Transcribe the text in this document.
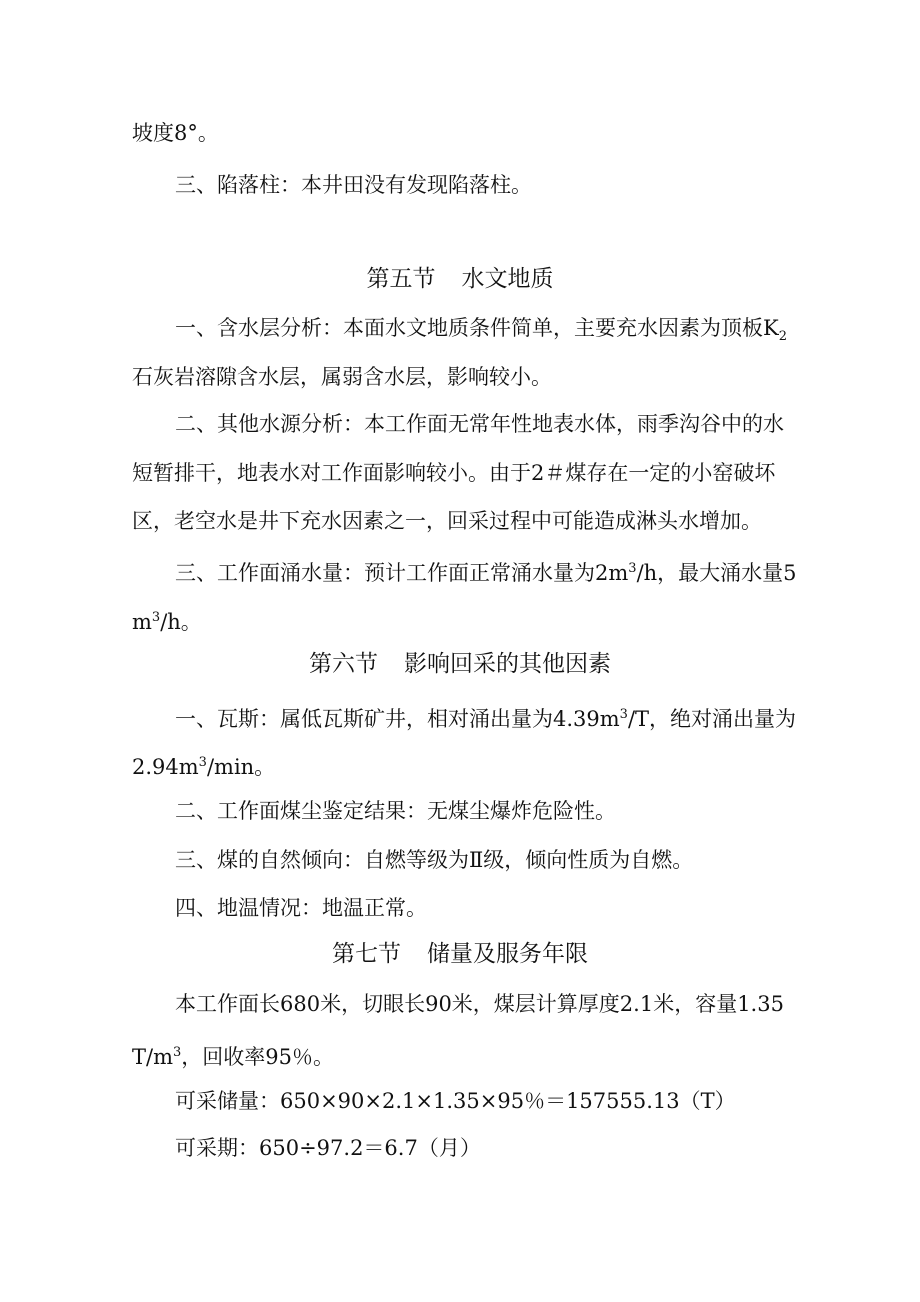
坡度8°。
三、陷落柱：本井田没有发现陷落柱。
第五节 水文地质
一、含水层分析：本面水文地质条件简单，主要充水因素为顶板$K_2$
石灰岩溶隙含水层，属弱含水层，影响较小。
二、其他水源分析：本工作面无常年性地表水体，雨季沟谷中的水
短暂排干，地表水对工作面影响较小。由于2＃煤存在一定的小窑破坏
区，老空水是井下充水因素之一，回采过程中可能造成淋头水增加。
三、工作面涌水量：预计工作面正常涌水量为$2m^3/h$，最大涌水量5
$m^3/h$。
第六节 影响回采的其他因素
一、瓦斯：属低瓦斯矿井，相对涌出量为$4.39m^3/T$，绝对涌出量为
$2.94m^3/\min$。
二、工作面煤尘鉴定结果：无煤尘爆炸危险性。
三、煤的自然倾向：自燃等级为Ⅱ级，倾向性质为自燃。
四、地温情况：地温正常。
第七节 储量及服务年限
本工作面长680米，切眼长90米，煤层计算厚度2.1米，容量1.35
$T/m^3$，回收率95％。
可采储量：650×90×2.1×1.35×95％＝157555.13（T）
可采期：650÷97.2＝6.7（月）
